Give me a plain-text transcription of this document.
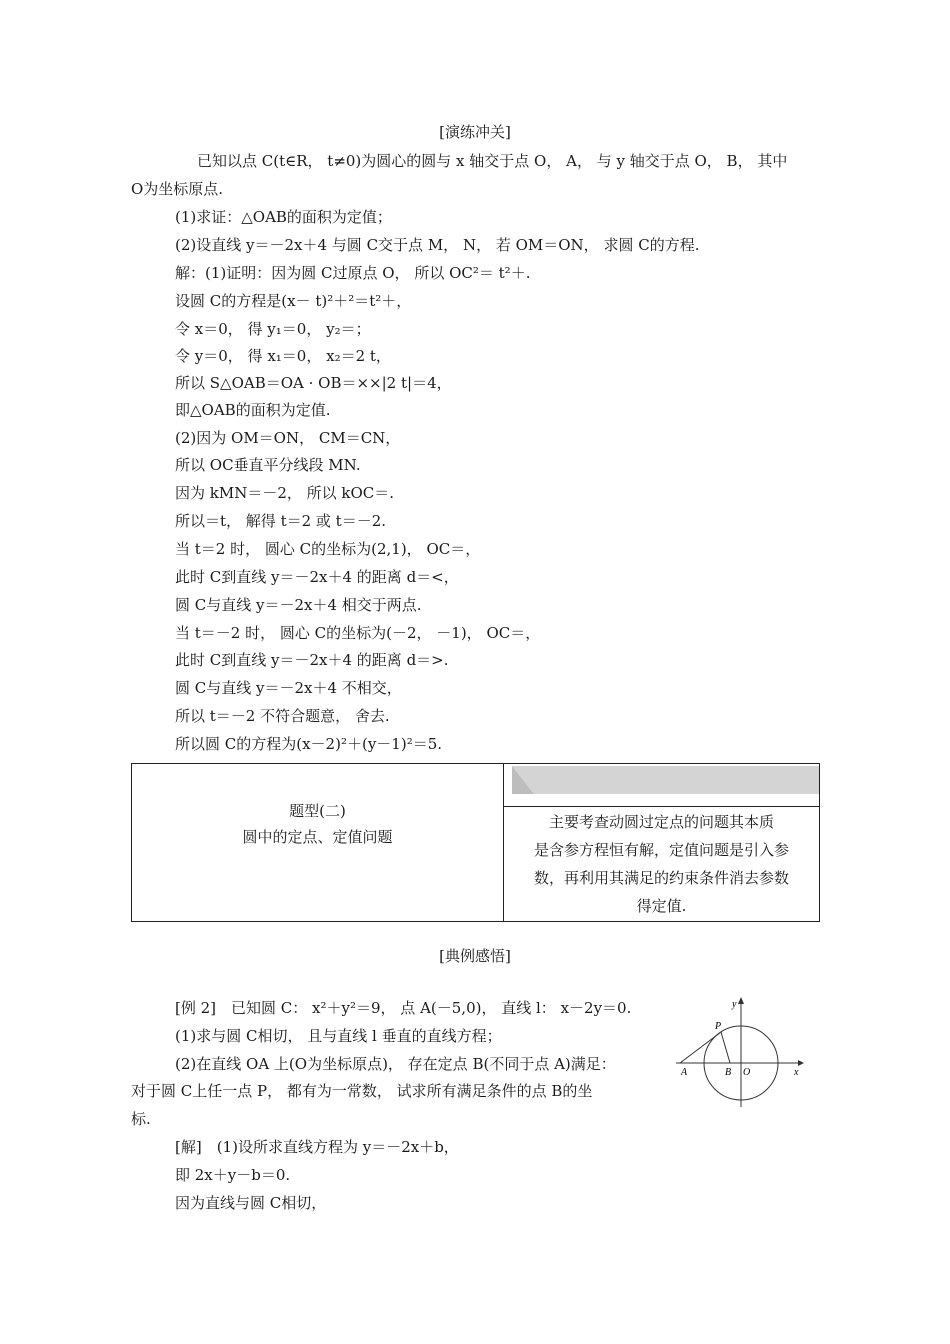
[演练冲关]
已知以点 C(t∈R， t≠0)为圆心的圆与 x 轴交于点 O， A， 与 y 轴交于点 O， B， 其中
O为坐标原点.
(1)求证：△OAB的面积为定值；
(2)设直线 y＝－2x＋4 与圆 C交于点 M， N， 若 OM＝ON， 求圆 C的方程.
解：(1)证明：因为圆 C过原点 O， 所以 OC²＝ t²＋.
设圆 C的方程是(x－ t)²＋²＝t²＋，
令 x＝0， 得 y₁＝0， y₂＝；
令 y＝0， 得 x₁＝0， x₂＝2 t，
所以 S△OAB＝OA · OB＝××|2 t|＝4，
即△OAB的面积为定值.
(2)因为 OM＝ON， CM＝CN，
所以 OC垂直平分线段 MN.
因为 kMN＝－2， 所以 kOC＝.
所以＝t， 解得 t＝2 或 t＝－2.
当 t＝2 时， 圆心 C的坐标为(2,1)， OC＝，
此时 C到直线 y＝－2x＋4 的距离 d＝<，
圆 C与直线 y＝－2x＋4 相交于两点.
当 t＝－2 时， 圆心 C的坐标为(－2， －1)， OC＝，
此时 C到直线 y＝－2x＋4 的距离 d＝>.
圆 C与直线 y＝－2x＋4 不相交，
所以 t＝－2 不符合题意， 舍去.
所以圆 C的方程为(x－2)²＋(y－1)²＝5.
题型(二)
圆中的定点、定值问题
主要考查动圆过定点的问题其本质
是含参方程恒有解，定值问题是引入参
数，再利用其满足的约束条件消去参数
得定值.
[典例感悟]
[例 2]　已知圆 C： x²＋y²＝9， 点 A(－5,0)， 直线 l： x－2y＝0.
(1)求与圆 C相切， 且与直线 l 垂直的直线方程；
(2)在直线 OA 上(O为坐标原点)， 存在定点 B(不同于点 A)满足：
对于圆 C上任一点 P， 都有为一常数， 试求所有满足条件的点 B的坐
标.
[解]　(1)设所求直线方程为 y＝－2x＋b，
即 2x＋y－b＝0.
因为直线与圆 C相切，
y
x
P
A	B O
